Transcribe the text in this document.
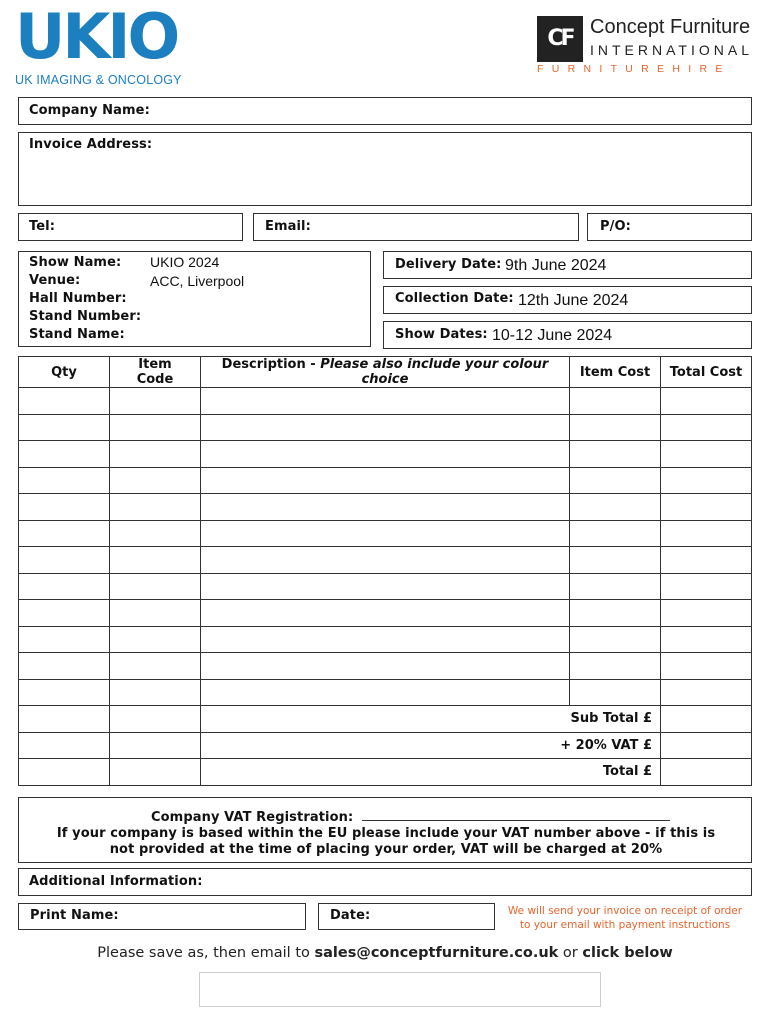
UKIO
UK IMAGING & ONCOLOGY
CF Concept Furniture
INTERNATIONAL
FURNITUREHIRE
Company Name:
Invoice Address:
Tel:	Email:	P/O:
Show Name: UKIO 2024
Venue:	ACC, Liverpool
Hall Number:
Stand Number:
Stand Name:
Delivery Date: 9th June 2024
Collection Date: 12th June 2024
Show Dates: 10-12 June 2024
Qty	Item Code	Description - Please also include your colour choice	Item Cost	Total Cost

		Sub Total £		
		+ 20% VAT £		
		Total £		
Company VAT Registration:
If your company is based within the EU please include your VAT number above - if this is
not provided at the time of placing your order, VAT will be charged at 20%
Additional Information:
Print Name:	Date:	We will send your invoice on receipt of order
to your email with payment instructions
Please save as, then email to sales@conceptfurniture.co.uk or click below
